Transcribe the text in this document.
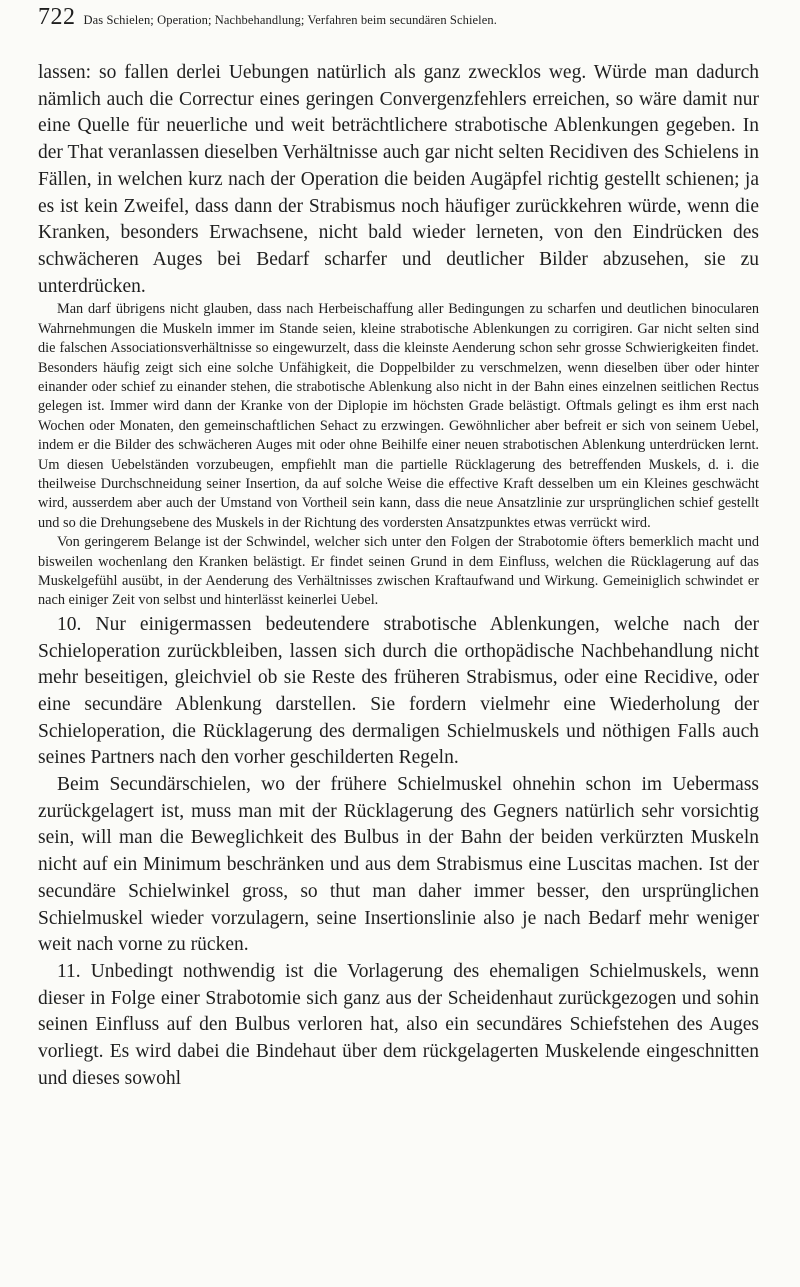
722 Das Schielen; Operation; Nachbehandlung; Verfahren beim secundären Schielen.

lassen: so fallen derlei Uebungen natürlich als ganz zwecklos weg. Würde man dadurch nämlich auch die Correctur eines geringen Convergenzfehlers erreichen, so wäre damit nur eine Quelle für neuerliche und weit beträchtlichere strabotische Ablenkungen gegeben. In der That veranlassen dieselben Verhältnisse auch gar nicht selten Recidiven des Schielens in Fällen, in welchen kurz nach der Operation die beiden Augäpfel richtig gestellt schienen; ja es ist kein Zweifel, dass dann der Strabismus noch häufiger zurückkehren würde, wenn die Kranken, besonders Erwachsene, nicht bald wieder lerneten, von den Eindrücken des schwächeren Auges bei Bedarf scharfer und deutlicher Bilder abzusehen, sie zu unterdrücken.

Man darf übrigens nicht glauben, dass nach Herbeischaffung aller Bedingungen zu scharfen und deutlichen binocularen Wahrnehmungen die Muskeln immer im Stande seien, kleine strabotische Ablenkungen zu corrigiren. Gar nicht selten sind die falschen Associationsverhältnisse so eingewurzelt, dass die kleinste Aenderung schon sehr grosse Schwierigkeiten findet. Besonders häufig zeigt sich eine solche Unfähigkeit, die Doppelbilder zu verschmelzen, wenn dieselben über oder hinter einander oder schief zu einander stehen, die strabotische Ablenkung also nicht in der Bahn eines einzelnen seitlichen Rectus gelegen ist. Immer wird dann der Kranke von der Diplopie im höchsten Grade belästigt. Oftmals gelingt es ihm erst nach Wochen oder Monaten, den gemeinschaftlichen Sehact zu erzwingen. Gewöhnlicher aber befreit er sich von seinem Uebel, indem er die Bilder des schwächeren Auges mit oder ohne Beihilfe einer neuen strabotischen Ablenkung unterdrücken lernt. Um diesen Uebelständen vorzubeugen, empfiehlt man die partielle Rücklagerung des betreffenden Muskels, d. i. die theilweise Durchschneidung seiner Insertion, da auf solche Weise die effective Kraft desselben um ein Kleines geschwächt wird, ausserdem aber auch der Umstand von Vortheil sein kann, dass die neue Ansatzlinie zur ursprünglichen schief gestellt und so die Drehungsebene des Muskels in der Richtung des vordersten Ansatzpunktes etwas verrückt wird.

Von geringerem Belange ist der Schwindel, welcher sich unter den Folgen der Strabotomie öfters bemerklich macht und bisweilen wochenlang den Kranken belästigt. Er findet seinen Grund in dem Einfluss, welchen die Rücklagerung auf das Muskelgefühl ausübt, in der Aenderung des Verhältnisses zwischen Kraftaufwand und Wirkung. Gemeiniglich schwindet er nach einiger Zeit von selbst und hinterlässt keinerlei Uebel.

10. Nur einigermassen bedeutendere strabotische Ablenkungen, welche nach der Schieloperation zurückbleiben, lassen sich durch die orthopädische Nachbehandlung nicht mehr beseitigen, gleichviel ob sie Reste des früheren Strabismus, oder eine Recidive, oder eine secundäre Ablenkung darstellen. Sie fordern vielmehr eine Wiederholung der Schieloperation, die Rücklagerung des dermaligen Schielmuskels und nöthigen Falls auch seines Partners nach den vorher geschilderten Regeln.

Beim Secundärschielen, wo der frühere Schielmuskel ohnehin schon im Uebermass zurückgelagert ist, muss man mit der Rücklagerung des Gegners natürlich sehr vorsichtig sein, will man die Beweglichkeit des Bulbus in der Bahn der beiden verkürzten Muskeln nicht auf ein Minimum beschränken und aus dem Strabismus eine Luscitas machen. Ist der secundäre Schielwinkel gross, so thut man daher immer besser, den ursprünglichen Schielmuskel wieder vorzulagern, seine Insertionslinie also je nach Bedarf mehr weniger weit nach vorne zu rücken.

11. Unbedingt nothwendig ist die Vorlagerung des ehemaligen Schielmuskels, wenn dieser in Folge einer Strabotomie sich ganz aus der Scheidenhaut zurückgezogen und sohin seinen Einfluss auf den Bulbus verloren hat, also ein secundäres Schiefstehen des Auges vorliegt. Es wird dabei die Bindehaut über dem rückgelagerten Muskelende eingeschnitten und dieses sowohl
